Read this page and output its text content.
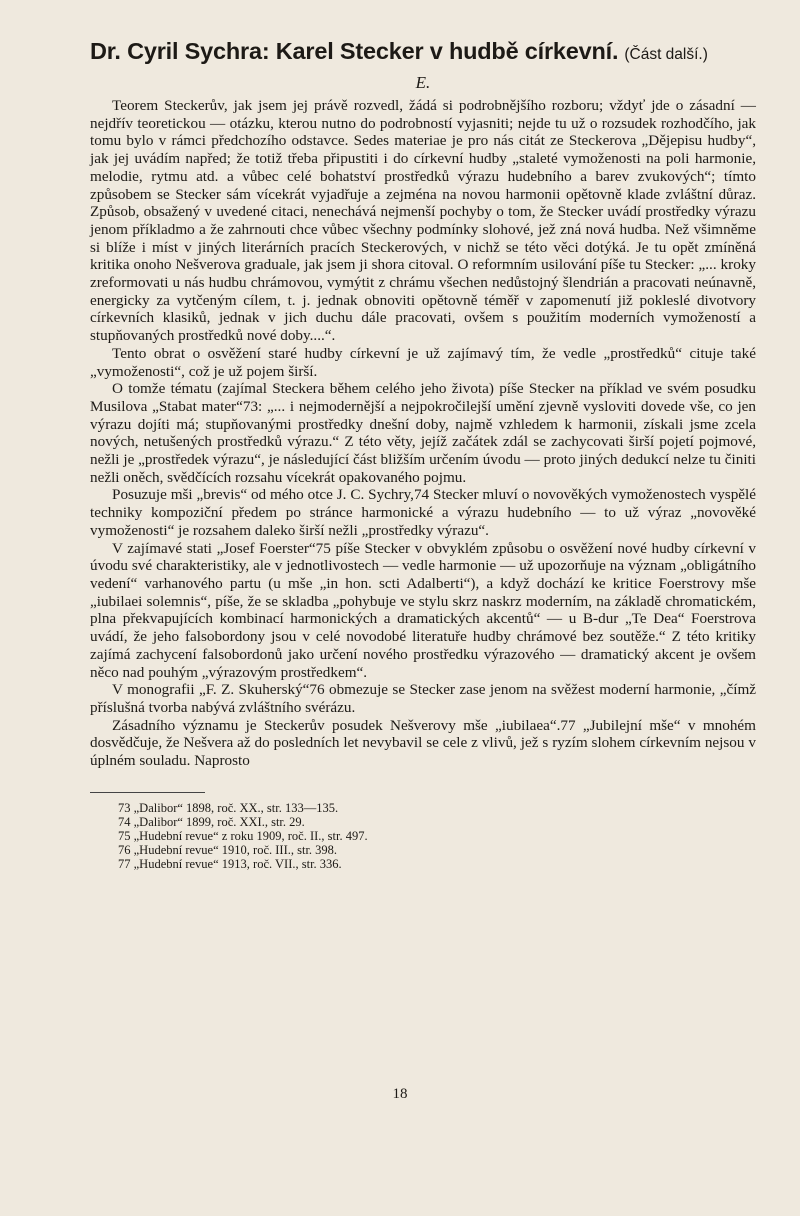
Dr. Cyril Sychra: Karel Stecker v hudbě církevní. (Část další.)
E.

Teorem Steckerův, jak jsem jej právě rozvedl, žádá si podrobnějšího rozboru; vždyť jde o zásadní — nejdřív teoretickou — otázku, kterou nutno do podrobností vyjasniti; nejde tu už o rozsudek rozhodčího, jak tomu bylo v rámci předchozího odstavce. Sedes materiae je pro nás citát ze Steckerova „Dějepisu hudby“, jak jej uvádím napřed; že totiž třeba připustiti i do církevní hudby „staleté vymoženosti na poli harmonie, melodie, rytmu atd. a vůbec celé bohatství prostředků výrazu hudebního a barev zvukových“; tímto způsobem se Stecker sám vícekrát vyjadřuje a zejména na novou harmonii opětovně klade zvláštní důraz. Způsob, obsažený v uvedené citaci, nenechává nejmenší pochyby o tom, že Stecker uvádí prostředky výrazu jenom příkladmo a že zahrnouti chce vůbec všechny podmínky slohové, jež zná nová hudba. Než všimněme si blíže i míst v jiných literárních pracích Steckerových, v nichž se této věci dotýká. Je tu opět zmíněná kritika onoho Nešverova graduale, jak jsem ji shora citoval. O reformním usilování píše tu Stecker: „... kroky zreformovati u nás hudbu chrámovou, vymýtit z chrámu všechen nedůstojný šlendrián a pracovati neúnavně, energicky za vytčeným cílem, t. j. jednak obnoviti opětovně téměř v zapomenutí již pokleslé divotvory církevních klasiků, jednak v jich duchu dále pracovati, ovšem s použitím moderních vymožeností a stupňovaných prostředků nové doby....“.

Tento obrat o osvěžení staré hudby církevní je už zajímavý tím, že vedle „prostředků“ cituje také „vymoženosti“, což je už pojem širší.

O tomže tématu (zajímal Steckera během celého jeho života) píše Stecker na příklad ve svém posudku Musilova „Stabat mater“73: „... i nejmodernější a nejpokročilejší umění zjevně vysloviti dovede vše, co jen výrazu dojíti má; stupňovanými prostředky dnešní doby, najmě vzhledem k harmonii, získali jsme zcela nových, netušených prostředků výrazu.“ Z této věty, jejíž začátek zdál se zachycovati širší pojetí pojmové, nežli je „prostředek výrazu“, je následující část bližším určením úvodu — proto jiných dedukcí nelze tu činiti nežli oněch, svědčících rozsahu vícekrát opakovaného pojmu.

Posuzuje mši „brevis“ od mého otce J. C. Sychry,74 Stecker mluví o novověkých vymoženostech vyspělé techniky kompoziční předem po stránce harmonické a výrazu hudebního — to už výraz „novověké vymoženosti“ je rozsahem daleko širší nežli „prostředky výrazu“.

V zajímavé stati „Josef Foerster“75 píše Stecker v obvyklém způsobu o osvěžení nové hudby církevní v úvodu své charakteristiky, ale v jednotlivostech — vedle harmonie — už upozorňuje na význam „obligátního vedení“ varhanového partu (u mše „in hon. scti Adalberti“), a když dochází ke kritice Foerstrovy mše „iubilaei solemnis“, píše, že se skladba „pohybuje ve stylu skrz naskrz moderním, na základě chromatickém, plna překvapujících kombinací harmonických a dramatických akcentů“ — u B-dur „Te Dea“ Foerstrova uvádí, že jeho falsobordony jsou v celé novodobé literatuře hudby chrámové bez soutěže.“ Z této kritiky zajímá zachycení falsobordonů jako určení nového prostředku výrazového — dramatický akcent je ovšem něco nad pouhým „výrazovým prostředkem“.

V monografii „F. Z. Skuherský“76 obmezuje se Stecker zase jenom na svěžest moderní harmonie, „čímž příslušná tvorba nabývá zvláštního svérázu.

Zásadního významu je Steckerův posudek Nešverovy mše „iubilaea“.77 „Jubilejní mše“ v mnohém dosvědčuje, že Nešvera až do posledních let nevybavil se cele z vlivů, jež s ryzím slohem církevním nejsou v úplném souladu. Naprosto

73 „Dalibor“ 1898, roč. XX., str. 133—135.
74 „Dalibor“ 1899, roč. XXI., str. 29.
75 „Hudební revue“ z roku 1909, roč. II., str. 497.
76 „Hudební revue“ 1910, roč. III., str. 398.
77 „Hudební revue“ 1913, roč. VII., str. 336.
18
